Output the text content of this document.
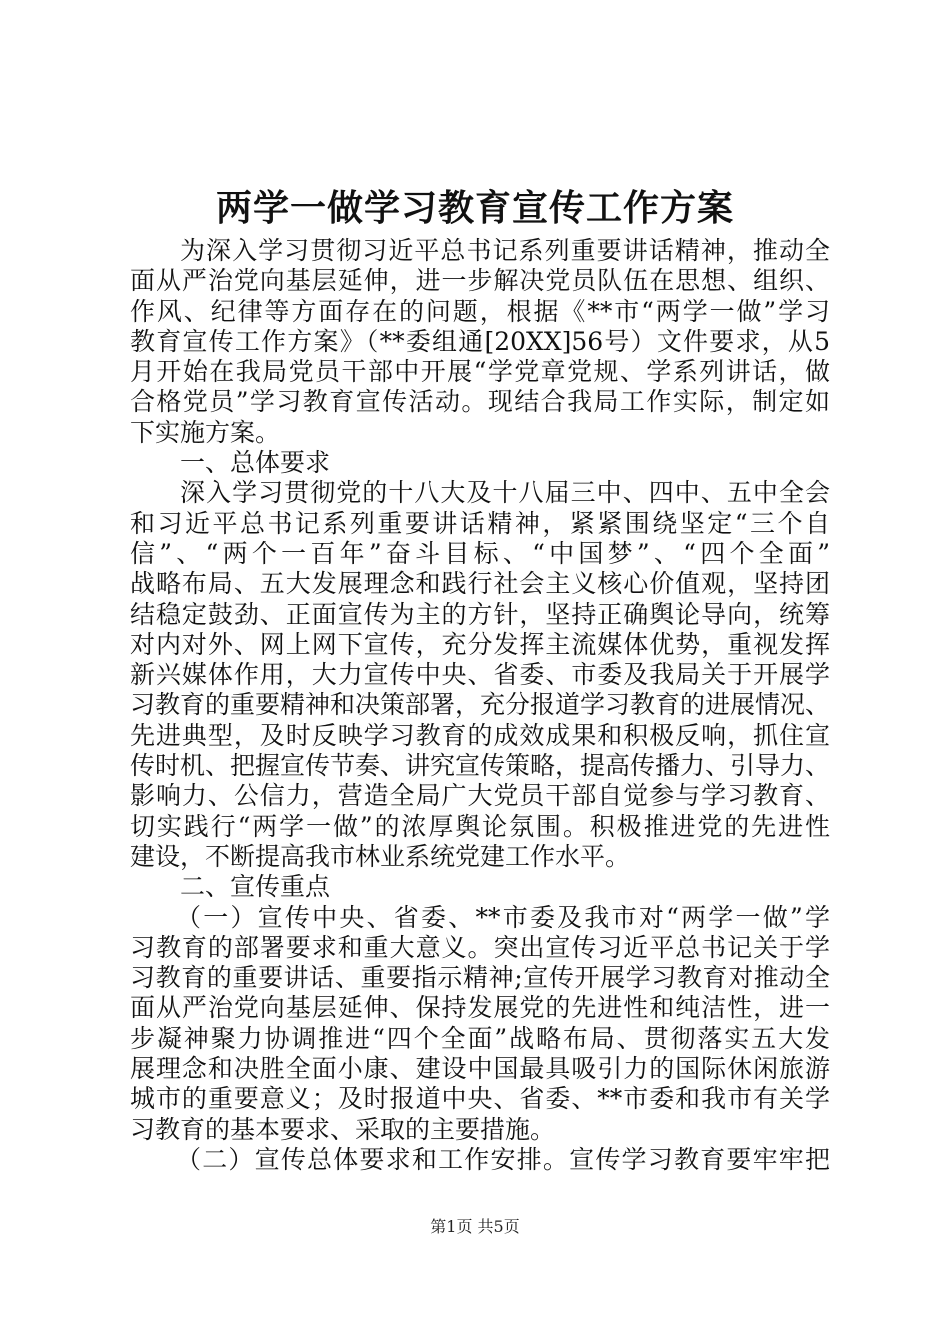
两学一做学习教育宣传工作方案
为深入学习贯彻习近平总书记系列重要讲话精神，推动全
面从严治党向基层延伸，进一步解决党员队伍在思想、组织、
作风、纪律等方面存在的问题，根据《**市“两学一做”学习
教育宣传工作方案》（**委组通[20XX]56号）文件要求，从5
月开始在我局党员干部中开展“学党章党规、学系列讲话，做
合格党员”学习教育宣传活动。现结合我局工作实际，制定如
下实施方案。
一、总体要求
深入学习贯彻党的十八大及十八届三中、四中、五中全会
和习近平总书记系列重要讲话精神，紧紧围绕坚定“三个自
信”、“两个一百年”奋斗目标、“中国梦”、“四个全面”
战略布局、五大发展理念和践行社会主义核心价值观，坚持团
结稳定鼓劲、正面宣传为主的方针，坚持正确舆论导向，统筹
对内对外、网上网下宣传，充分发挥主流媒体优势，重视发挥
新兴媒体作用，大力宣传中央、省委、市委及我局关于开展学
习教育的重要精神和决策部署，充分报道学习教育的进展情况、
先进典型，及时反映学习教育的成效成果和积极反响，抓住宣
传时机、把握宣传节奏、讲究宣传策略，提高传播力、引导力、
影响力、公信力，营造全局广大党员干部自觉参与学习教育、
切实践行“两学一做”的浓厚舆论氛围。积极推进党的先进性
建设，不断提高我市林业系统党建工作水平。
二、宣传重点
（一）宣传中央、省委、**市委及我市对“两学一做”学
习教育的部署要求和重大意义。突出宣传习近平总书记关于学
习教育的重要讲话、重要指示精神;宣传开展学习教育对推动全
面从严治党向基层延伸、保持发展党的先进性和纯洁性，进一
步凝神聚力协调推进“四个全面”战略布局、贯彻落实五大发
展理念和决胜全面小康、建设中国最具吸引力的国际休闲旅游
城市的重要意义；及时报道中央、省委、**市委和我市有关学
习教育的基本要求、采取的主要措施。
（二）宣传总体要求和工作安排。宣传学习教育要牢牢把
第1页 共5页
